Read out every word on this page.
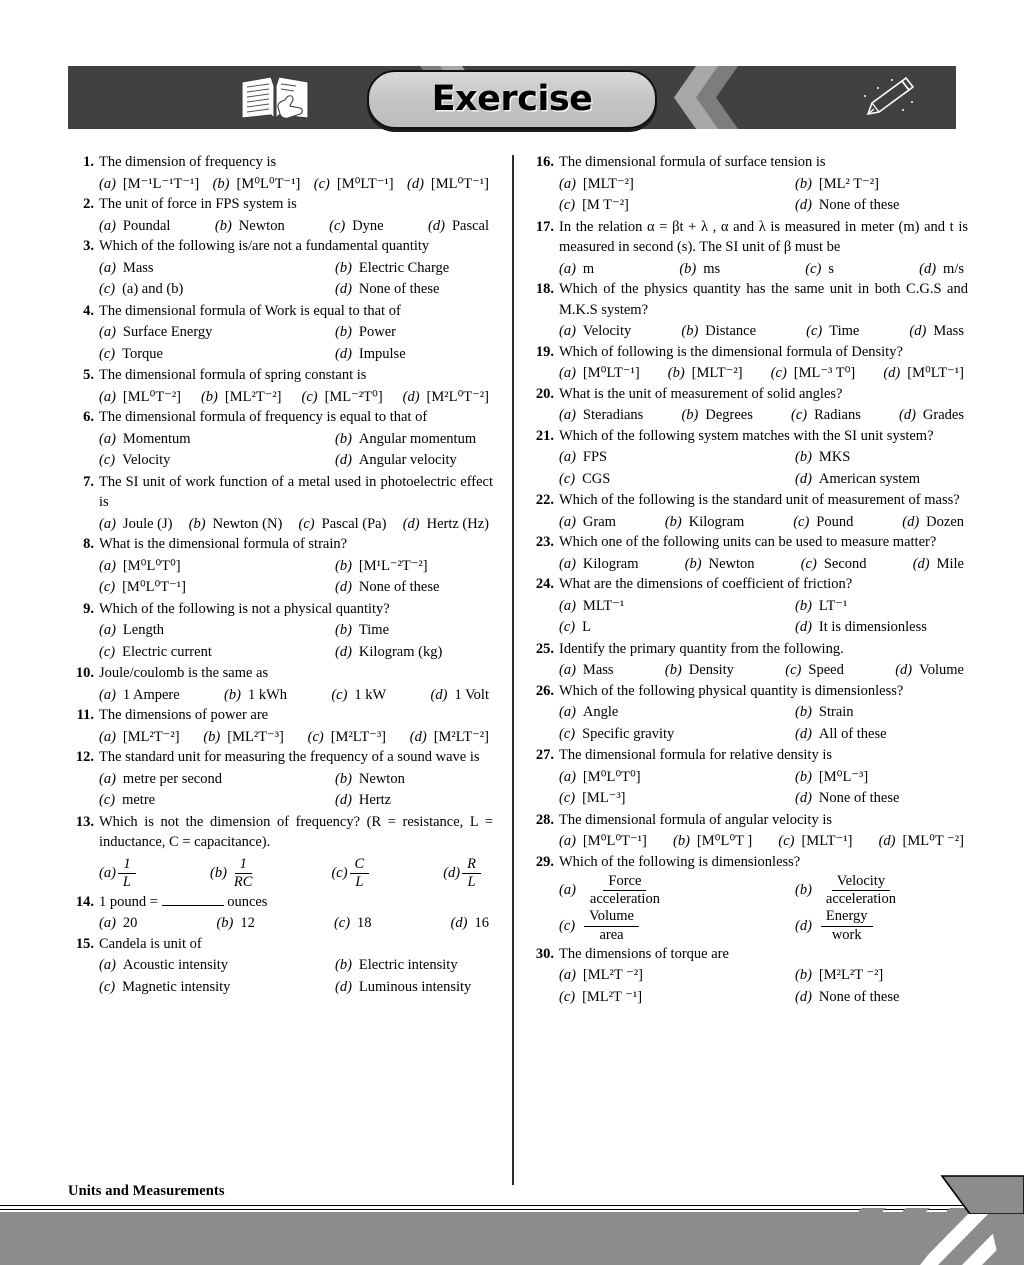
Exercise
1. The dimension of frequency is
(a) [M⁻¹L⁻¹T⁻¹] (b) [M⁰L⁰T⁻¹] (c) [M⁰LT⁻¹] (d) [ML⁰T⁻¹]
2. The unit of force in FPS system is
(a) Poundal	(b) Newton	(c) Dyne	(d) Pascal
3. Which of the following is/are not a fundamental quantity
(a) Mass	(b) Electric Charge
(c) (a) and (b)	(d) None of these
4. The dimensional formula of Work is equal to that of
(a) Surface Energy	(b) Power
(c) Torque	(d) Impulse
5. The dimensional formula of spring constant is
(a) [ML⁰T⁻²] (b) [ML²T⁻²] (c) [ML⁻²T⁰] (d) [M²L⁰T⁻²]
6. The dimensional formula of frequency is equal to that of
(a) Momentum	(b) Angular momentum
(c) Velocity	(d) Angular velocity
7. The SI unit of work function of a metal used in photoelectric effect is
(a) Joule (J) (b) Newton (N) (c) Pascal (Pa) (d) Hertz (Hz)
8. What is the dimensional formula of strain?
(a) [M⁰L⁰T⁰]	(b) [M¹L⁻²T⁻²]
(c) [M⁰L⁰T⁻¹]	(d) None of these
9. Which of the following is not a physical quantity?
(a) Length	(b) Time
(c) Electric current	(d) Kilogram (kg)
10. Joule/coulomb is the same as
(a) 1 Ampere	(b) 1 kWh	(c) 1 kW	(d) 1 Volt
11. The dimensions of power are
(a) [ML²T⁻²] (b) [ML²T⁻³] (c) [M²LT⁻³] (d) [M²LT⁻²]
12. The standard unit for measuring the frequency of a sound wave is
(a) metre per second	(b) Newton
(c) metre	(d) Hertz
13. Which is not the dimension of frequency? (R = resistance, L = inductance, C = capacitance).
$(a) \frac{1}{L}$	$(b) \frac{1}{RC}$	$(c) \frac{C}{L}$	$(d) \frac{R}{L}$
14. 1 pound =	ounces
(a) 20	(b) 12	(c) 18	(d) 16
15. Candela is unit of
(a) Acoustic intensity	(b) Electric intensity
(c) Magnetic intensity	(d) Luminous intensity
16. The dimensional formula of surface tension is
(a) [MLT⁻²]	(b) [ML² T⁻²]
(c) [M T⁻²]	(d) None of these
17. In the relation α = βt + λ , α and λ is measured in meter (m) and t is measured in second (s). The SI unit of β must be
(a) m	(b) ms	(c) s	(d) m/s
18. Which of the physics quantity has the same unit in both C.G.S and M.K.S system?
(a) Velocity	(b) Distance	(c) Time	(d) Mass
19. Which of following is the dimensional formula of Density?
(a) [M⁰LT⁻¹] (b) [MLT⁻²] (c) [ML⁻³ T⁰] (d) [M⁰LT⁻¹]
20. What is the unit of measurement of solid angles?
(a) Steradians	(b) Degrees	(c) Radians	(d) Grades
21. Which of the following system matches with the SI unit system?
(a) FPS	(b) MKS
(c) CGS	(d) American system
22. Which of the following is the standard unit of measurement of mass?
(a) Gram	(b) Kilogram	(c) Pound	(d) Dozen
23. Which one of the following units can be used to measure matter?
(a) Kilogram	(b) Newton	(c) Second	(d) Mile
24. What are the dimensions of coefficient of friction?
(a) MLT⁻¹	(b) LT⁻¹
(c) L	(d) It is dimensionless
25. Identify the primary quantity from the following.
(a) Mass	(b) Density	(c) Speed	(d) Volume
26. Which of the following physical quantity is dimensionless?
(a) Angle	(b) Strain
(c) Specific gravity	(d) All of these
27. The dimensional formula for relative density is
(a) [M⁰L⁰T⁰]	(b) [M⁰L⁻³]
(c) [ML⁻³]	(d) None of these
28. The dimensional formula of angular velocity is
(a) [M⁰L⁰T⁻¹] (b) [M⁰L⁰T ] (c) [MLT⁻¹] (d) [ML⁰T ⁻²]
29. Which of the following is dimensionless?
$(a) \frac{\text{Force}}{\text{acceleration}}$	$(b) \frac{\text{Velocity}}{\text{acceleration}}$
$(c) \frac{\text{Volume}}{\text{area}}$	$(d) \frac{\text{Energy}}{\text{work}}$
30. The dimensions of torque are
(a) [ML²T ⁻²]	(b) [M²L²T ⁻²]
(c) [ML²T ⁻¹]	(d) None of these
Units and Measurements
